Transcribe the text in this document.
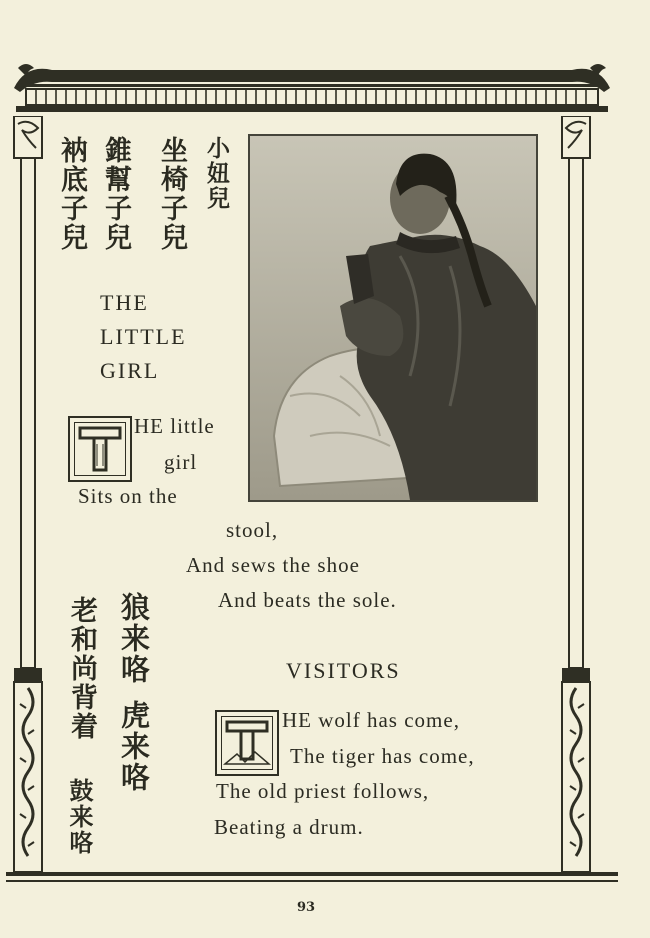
小妞兒
坐椅子兒
錐幫子兒
衲底子兒
THE
LITTLE
GIRL
HE little
girl
Sits on the
stool,
And sews the shoe
And beats the sole.
狼来咯
虎来咯
老和尚背着
鼓来咯
VISITORS
HE wolf has come,
The tiger has come,
The old priest follows,
Beating a drum.
93
